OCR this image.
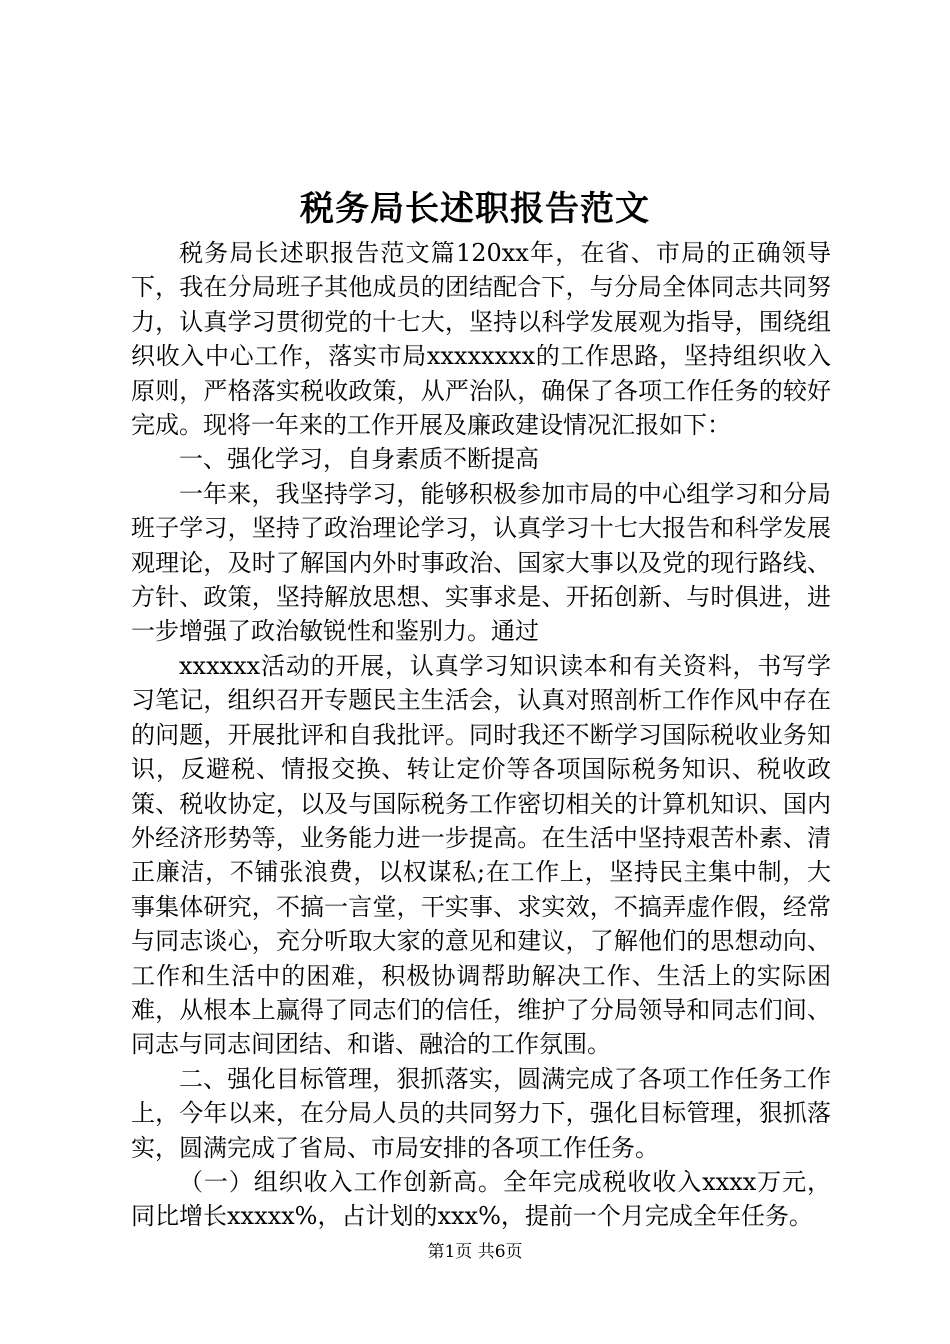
税务局长述职报告范文

税务局长述职报告范文篇120xx年，在省、市局的正确领导下，我在分局班子其他成员的团结配合下，与分局全体同志共同努力，认真学习贯彻党的十七大，坚持以科学发展观为指导，围绕组织收入中心工作，落实市局xxxxxxxx的工作思路，坚持组织收入原则，严格落实税收政策，从严治队，确保了各项工作任务的较好完成。现将一年来的工作开展及廉政建设情况汇报如下：

一、强化学习，自身素质不断提高

一年来，我坚持学习，能够积极参加市局的中心组学习和分局班子学习，坚持了政治理论学习，认真学习十七大报告和科学发展观理论，及时了解国内外时事政治、国家大事以及党的现行路线、方针、政策，坚持解放思想、实事求是、开拓创新、与时俱进，进一步增强了政治敏锐性和鉴别力。通过

xxxxxx活动的开展，认真学习知识读本和有关资料，书写学习笔记，组织召开专题民主生活会，认真对照剖析工作作风中存在的问题，开展批评和自我批评。同时我还不断学习国际税收业务知识，反避税、情报交换、转让定价等各项国际税务知识、税收政策、税收协定，以及与国际税务工作密切相关的计算机知识、国内外经济形势等，业务能力进一步提高。在生活中坚持艰苦朴素、清正廉洁，不铺张浪费，以权谋私;在工作上，坚持民主集中制，大事集体研究，不搞一言堂，干实事、求实效，不搞弄虚作假，经常与同志谈心，充分听取大家的意见和建议，了解他们的思想动向、工作和生活中的困难，积极协调帮助解决工作、生活上的实际困难，从根本上赢得了同志们的信任，维护了分局领导和同志们间、同志与同志间团结、和谐、融洽的工作氛围。

二、强化目标管理，狠抓落实，圆满完成了各项工作任务工作上，今年以来，在分局人员的共同努力下，强化目标管理，狠抓落实，圆满完成了省局、市局安排的各项工作任务。

（一）组织收入工作创新高。全年完成税收收入xxxx万元，同比增长xxxxx%，占计划的xxx%，提前一个月完成全年任务。

第1页 共6页
